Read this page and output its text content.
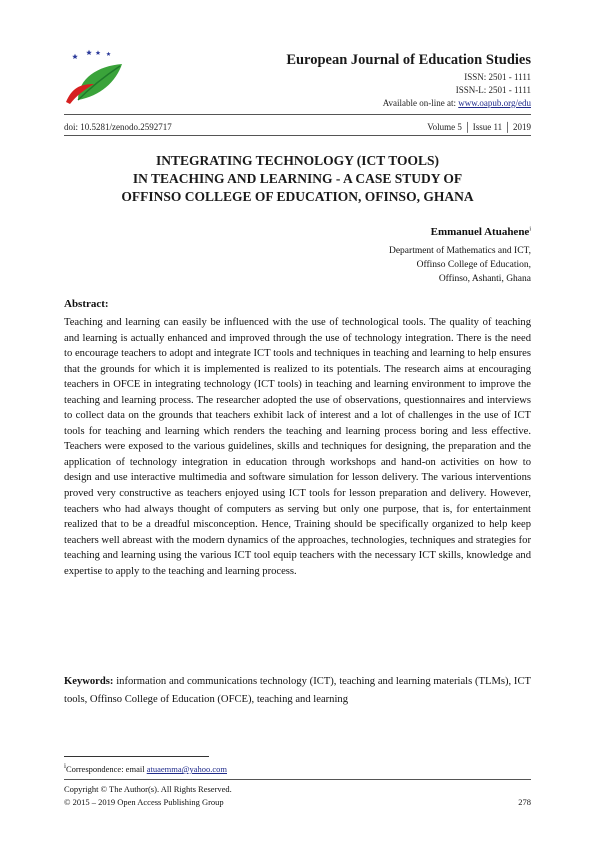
European Journal of Education Studies
ISSN: 2501 - 1111
ISSN-L: 2501 - 1111
Available on-line at: www.oapub.org/edu
doi: 10.5281/zenodo.2592717	Volume 5 │ Issue 11 │ 2019
INTEGRATING TECHNOLOGY (ICT TOOLS)
IN TEACHING AND LEARNING - A CASE STUDY OF
OFFINSO COLLEGE OF EDUCATION, OFINSO, GHANA
Emmanuel Atuahene$^i$
Department of Mathematics and ICT,
Offinso College of Education,
Offinso, Ashanti, Ghana
Abstract:
Teaching and learning can easily be influenced with the use of technological tools. The quality of teaching and learning is actually enhanced and improved through the use of technology integration. There is the need to encourage teachers to adopt and integrate ICT tools and techniques in teaching and learning to help ensures that the grounds for which it is implemented is realized to its potentials. The research aims at encouraging teachers in OFCE in integrating technology (ICT tools) in teaching and learning environment to improve the teaching and learning process. The researcher adopted the use of observations, questionnaires and interviews to collect data on the grounds that teachers exhibit lack of interest and a lot of challenges in the use of ICT tools for teaching and learning which renders the teaching and learning process boring and less effective. Teachers were exposed to the various guidelines, skills and techniques for designing, the preparation and the application of technology integration in education through workshops and hand-on activities on how to design and use interactive multimedia and software simulation for lesson delivery. The various interventions proved very constructive as teachers enjoyed using ICT tools for lesson preparation and delivery. However, teachers who had always thought of computers as serving but only one purpose, that is, for entertainment realized that to be a dreadful misconception. Hence, Training should be specifically organized to help keep teachers well abreast with the modern dynamics of the approaches, technologies, techniques and strategies for teaching and learning using the various ICT tool equip teachers with the necessary ICT skills, knowledge and expertise to apply to the teaching and learning process.
Keywords: information and communications technology (ICT), teaching and learning materials (TLMs), ICT tools, Offinso College of Education (OFCE), teaching and learning
$^i$Correspondence: email atuaemma@yahoo.com
Copyright © The Author(s). All Rights Reserved.
© 2015 – 2019 Open Access Publishing Group	278
